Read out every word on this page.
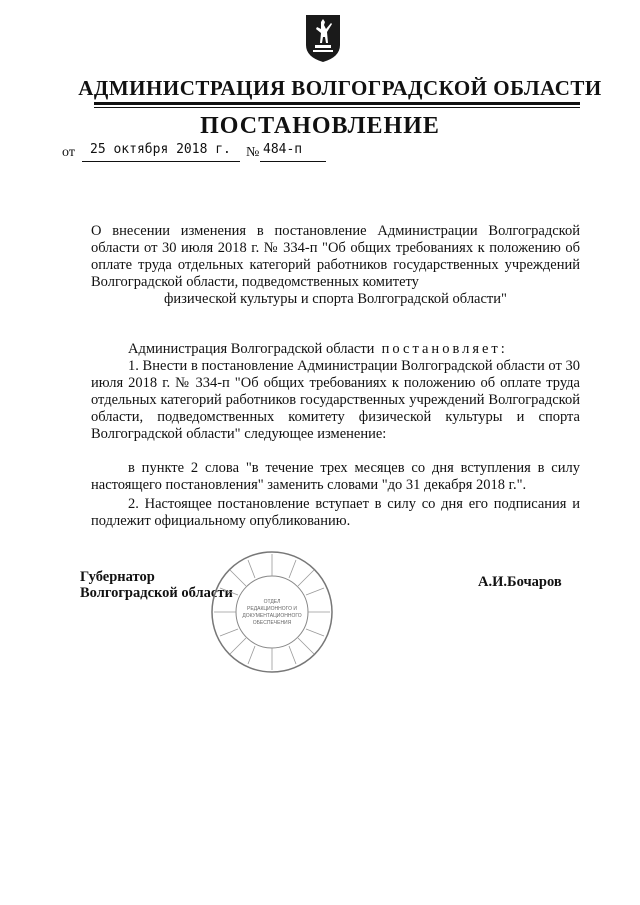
АДМИНИСТРАЦИЯ ВОЛГОГРАДСКОЙ ОБЛАСТИ
ПОСТАНОВЛЕНИЕ
от 25 октября 2018 г. № 484-п
О внесении изменения в постановление Администрации Волгоградской области от 30 июля 2018 г. № 334-п "Об общих требованиях к положению об оплате труда отдельных категорий работников государственных учреждений Волгоградской области, подведомственных комитету
физической культуры и спорта Волгоградской области"
Администрация Волгоградской области постановляет:
1. Внести в постановление Администрации Волгоградской области от 30 июля 2018 г. № 334-п "Об общих требованиях к положению об оплате труда отдельных категорий работников государственных учреждений Волгоградской области, подведомственных комитету физической культуры и спорта Волгоградской области" следующее изменение:
в пункте 2 слова "в течение трех месяцев со дня вступления в силу настоящего постановления" заменить словами "до 31 декабря 2018 г.".
2. Настоящее постановление вступает в силу со дня его подписания и подлежит официальному опубликованию.
Губернатор
Волгоградской области
ОТДЕЛ
РЕДАКЦИОННОГО И
ДОКУМЕНТАЦИОННОГО
ОБЕСПЕЧЕНИЯ
А.И.Бочаров
